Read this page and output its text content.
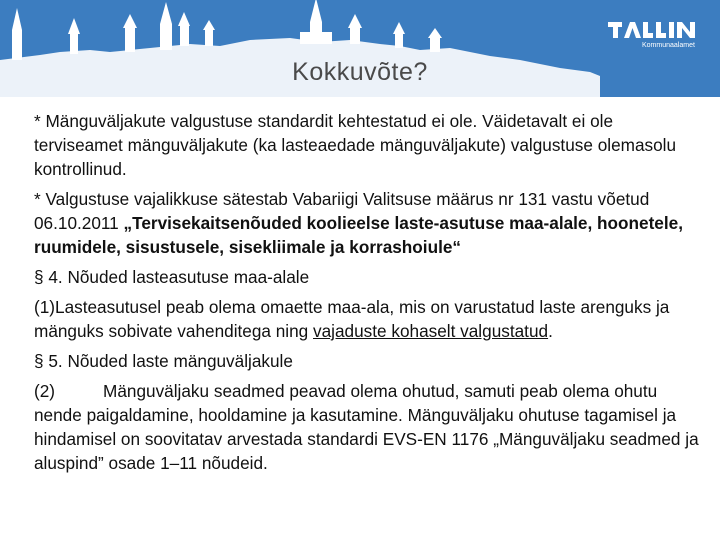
Kommunaalamet
Kokkuvõte?

* Mänguväljakute valgustuse standardit kehtestatud ei ole. Väidetavalt ei ole terviseamet mänguväljakute (ka lasteaedade mänguväljakute) valgustuse olemasolu kontrollinud.

* Valgustuse vajalikkuse sätestab Vabariigi Valitsuse määrus nr 131 vastu võetud 06.10.2011 „Tervisekaitsenõuded koolieelse laste-asutuse maa-alale, hoonetele, ruumidele, sisustusele, sisekliimale ja korrashoiule“

§ 4. Nõuded lasteasutuse maa-alale

(1)Lasteasutusel peab olema omaette maa-ala, mis on varustatud laste arenguks ja mänguks sobivate vahenditega ning vajaduste kohaselt valgustatud.

§ 5. Nõuded laste mänguväljakule

(2)	Mänguväljaku seadmed peavad olema ohutud, samuti peab olema ohutu nende paigaldamine, hooldamine ja kasutamine. Mänguväljaku ohutuse tagamisel ja hindamisel on soovitatav arvestada standardi EVS-EN 1176 „Mänguväljaku seadmed ja aluspind” osade 1–11 nõudeid.
